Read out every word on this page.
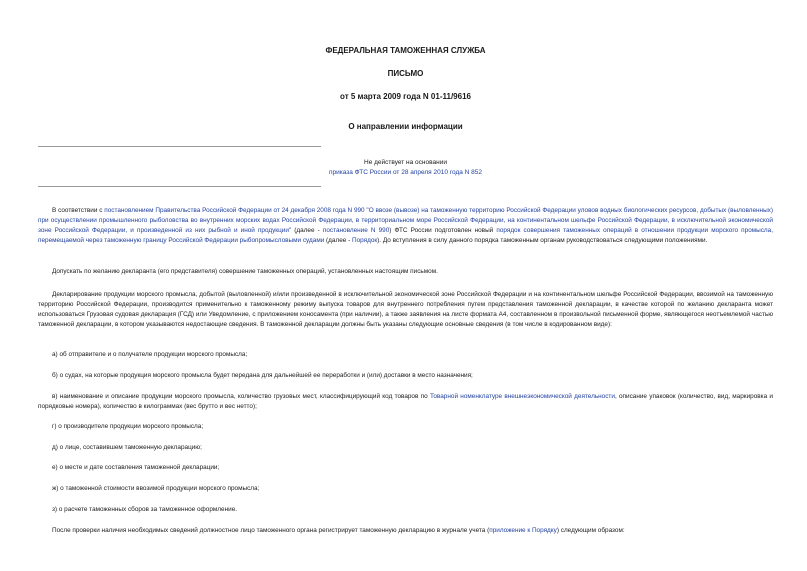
ФЕДЕРАЛЬНАЯ ТАМОЖЕННАЯ СЛУЖБА
ПИСЬМО
от 5 марта 2009 года N 01-11/9616
О направлении информации
Не действует на основании
приказа ФТС России от 28 апреля 2010 года N 852

В соответствии с постановлением Правительства Российской Федерации от 24 декабря 2008 года N 990 "О ввозе (вывозе) на таможенную территорию Российской Федерации уловов водных биологических ресурсов, добытых (выловленных) при осуществлении промышленного рыболовства во внутренних морских водах Российской Федерации, в территориальном море Российской Федерации, на континентальном шельфе Российской Федерации, в исключительной экономической зоне Российской Федерации, и произведенной из них рыбной и иной продукции" (далее - постановление N 990) ФТС России подготовлен новый порядок совершения таможенных операций в отношении продукции морского промысла, перемещаемой через таможенную границу Российской Федерации рыбопромысловыми судами (далее - Порядок). До вступления в силу данного порядка таможенным органам руководствоваться следующими положениями.

Допускать по желанию декларанта (его представителя) совершение таможенных операций, установленных настоящим письмом.

Декларирование продукции морского промысла, добытой (выловленной) и/или произведенной в исключительной экономической зоне Российской Федерации и на континентальном шельфе Российской Федерации, ввозимой на таможенную территорию Российской Федерации, производится применительно к таможенному режиму выпуска товаров для внутреннего потребления путем представления таможенной декларации, в качестве которой по желанию декларанта может использоваться Грузовая судовая декларация (ГСД) или Уведомление, с приложением коносамента (при наличии), а также заявления на листе формата А4, составленном в произвольной письменной форме, являющегося неотъемлемой частью таможенной декларации, в котором указываются недостающие сведения. В таможенной декларации должны быть указаны следующие основные сведения (в том числе в кодированном виде):

а) об отправителе и о получателе продукции морского промысла;

б) о судах, на которые продукция морского промысла будет передана для дальнейшей ее переработки и (или) доставки в место назначения;

в) наименование и описание продукции морского промысла, количество грузовых мест, классифицирующий код товаров по Товарной номенклатуре внешнеэкономической деятельности, описание упаковок (количество, вид, маркировка и порядковые номера), количество в килограммах (вес брутто и вес нетто);

г) о производителе продукции морского промысла;

д) о лице, составившем таможенную декларацию;

е) о месте и дате составления таможенной декларации;

ж) о таможенной стоимости ввозимой продукции морского промысла;

з) о расчете таможенных сборов за таможенное оформление.

После проверки наличия необходимых сведений должностное лицо таможенного органа регистрирует таможенную декларацию в журнале учета (приложение к Порядку) следующим образом:
